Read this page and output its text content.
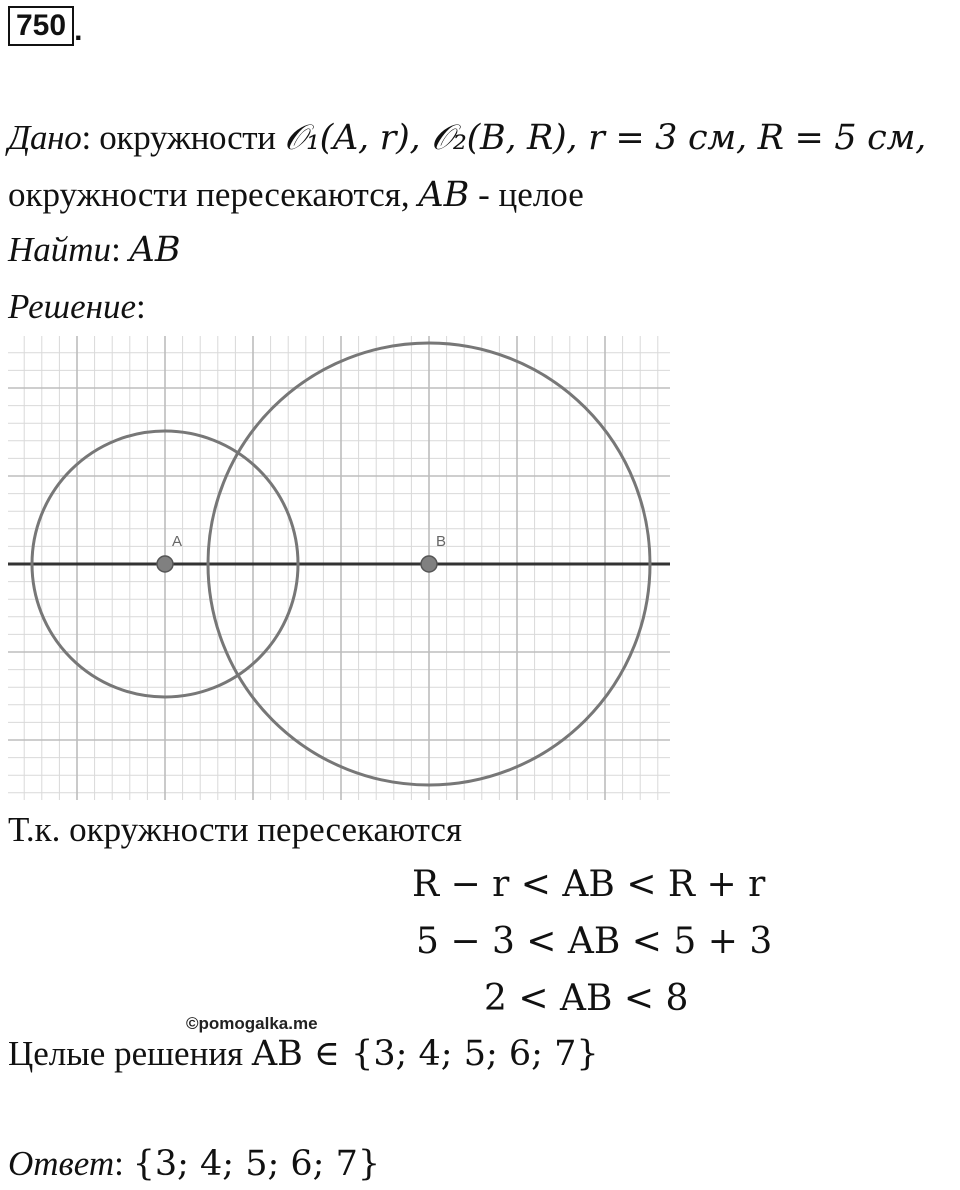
750 .
Дано: окружности 𝒪₁(A, r), 𝒪₂(B, R), r = 3 см, R = 5 см,
окружности пересекаются, AB - целое
Найти: AB
Решение:
A	B
Т.к. окружности пересекаются
R − r < AB < R + r
5 − 3 < AB < 5 + 3
2 < AB < 8
©pomogalka.me
Целые решения AB ∈ {3; 4; 5; 6; 7}
Ответ: {3; 4; 5; 6; 7}
